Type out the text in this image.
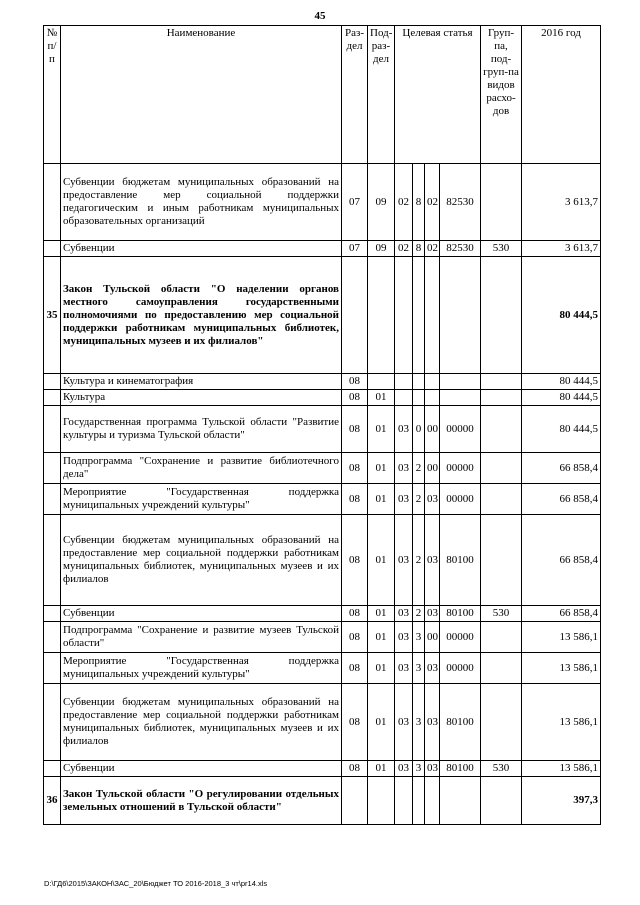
45
№ п/п	Наименование	Раз-дел	Под-раз-дел	Целевая статья				Груп-па, под-груп-па видов расхо-дов	2016 год
	Субвенции бюджетам муниципальных образований на предоставление мер социальной поддержки педагогическим и иным работникам муниципальных образовательных организаций	07	09	02	8	02	82530		3 613,7
	Субвенции	07	09	02	8	02	82530	530	3 613,7
35	Закон Тульской области "О наделении органов местного самоуправления государственными полномочиями по предоставлению мер социальной поддержки работникам муниципальных библиотек, муниципальных музеев и их филиалов"								80 444,5
	Культура и кинематография	08							80 444,5
	Культура	08	01						80 444,5
	Государственная программа Тульской области "Развитие культуры и туризма Тульской области"	08	01	03	0	00	00000		80 444,5
	Подпрограмма "Сохранение и развитие библиотечного дела"	08	01	03	2	00	00000		66 858,4
	Мероприятие "Государственная поддержка муниципальных учреждений культуры"	08	01	03	2	03	00000		66 858,4
	Субвенции бюджетам муниципальных образований на предоставление мер социальной поддержки работникам муниципальных библиотек, муниципальных музеев и их филиалов	08	01	03	2	03	80100		66 858,4
	Субвенции	08	01	03	2	03	80100	530	66 858,4
	Подпрограмма "Сохранение и развитие музеев Тульской области"	08	01	03	3	00	00000		13 586,1
	Мероприятие "Государственная поддержка муниципальных учреждений культуры"	08	01	03	3	03	00000		13 586,1
	Субвенции бюджетам муниципальных образований на предоставление мер социальной поддержки работникам муниципальных библиотек, муниципальных музеев и их филиалов	08	01	03	3	03	80100		13 586,1
	Субвенции	08	01	03	3	03	80100	530	13 586,1
36	Закон Тульской области "О регулировании отдельных земельных отношений в Тульской области"								397,3
D:\ГД6\2015\ЗАКОН\ЗАС_20\Бюджет ТО 2016-2018_3 чт\pr14.xls
